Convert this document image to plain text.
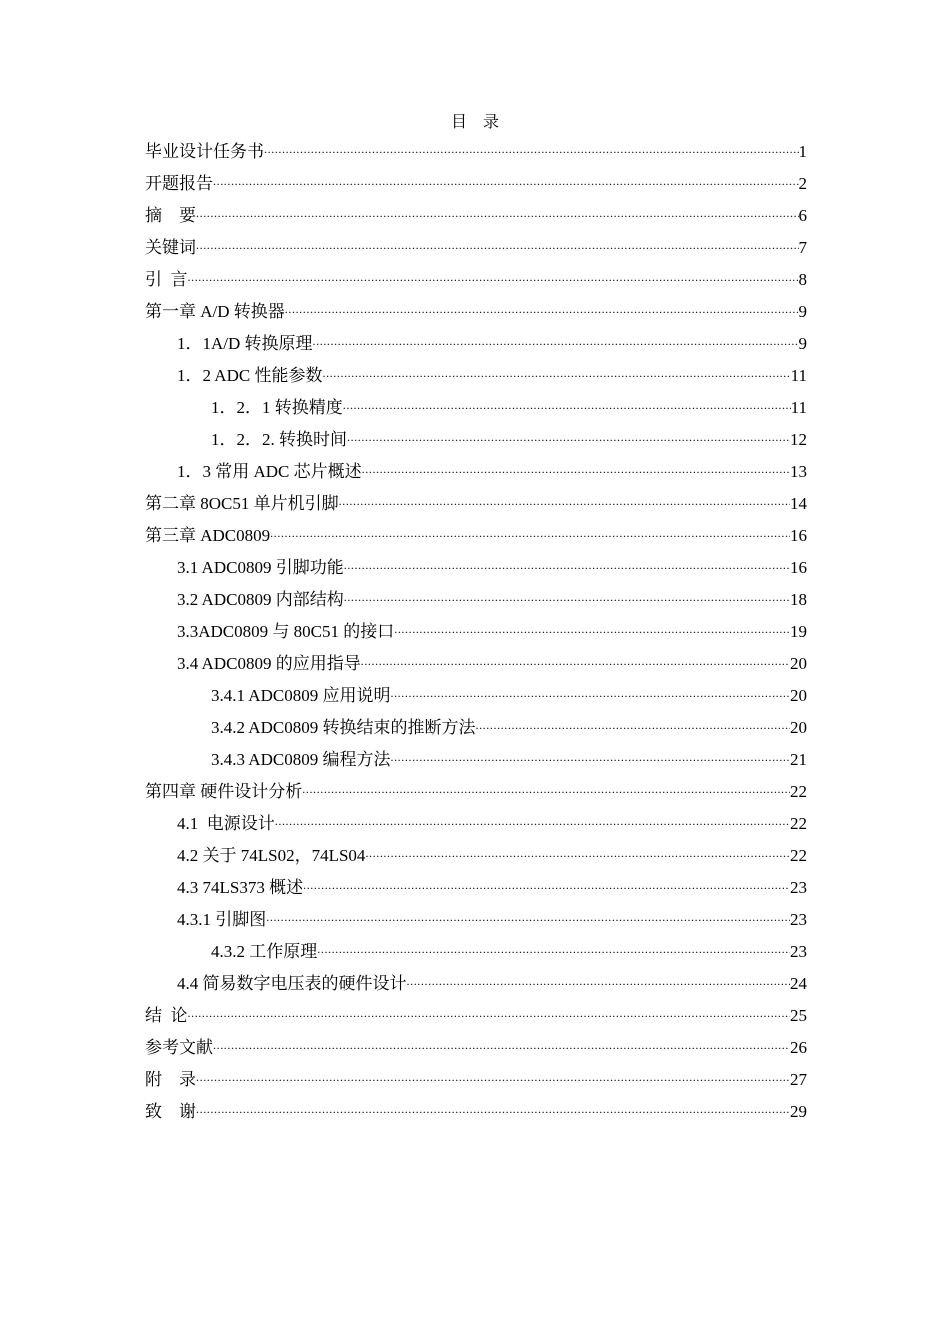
目    录
毕业设计任务书 .....	1
开题报告 .....	2
摘    要 .....	6
关键词 .....	7
引  言 .....	8
第一章 A/D 转换器 .....	9
1．1A/D 转换原理 .....	9
1．2 ADC 性能参数 .....	11
1．2．1 转换精度 .....	11
1．2．2. 转换时间 .....	12
1．3 常用 ADC 芯片概述 .....	13
第二章 8OC51 单片机引脚 .....	14
第三章 ADC0809 .....	16
3.1 ADC0809 引脚功能 .....	16
3.2 ADC0809 内部结构 .....	18
3.3ADC0809 与 80C51 的接口 .....	19
3.4 ADC0809 的应用指导 .....	20
3.4.1 ADC0809 应用说明 .....	20
3.4.2 ADC0809 转换结束的推断方法 .....	20
3.4.3 ADC0809 编程方法 .....	21
第四章 硬件设计分析 .....	22
4.1  电源设计 .....	22
4.2 关于 74LS02，74LS04 .....	22
4.3 74LS373 概述 .....	23
4.3.1 引脚图 .....	23
4.3.2 工作原理 .....	23
4.4 简易数字电压表的硬件设计 .....	24
结  论 .....	25
参考文献 .....	26
附    录 .....	27
致    谢 .....	29
